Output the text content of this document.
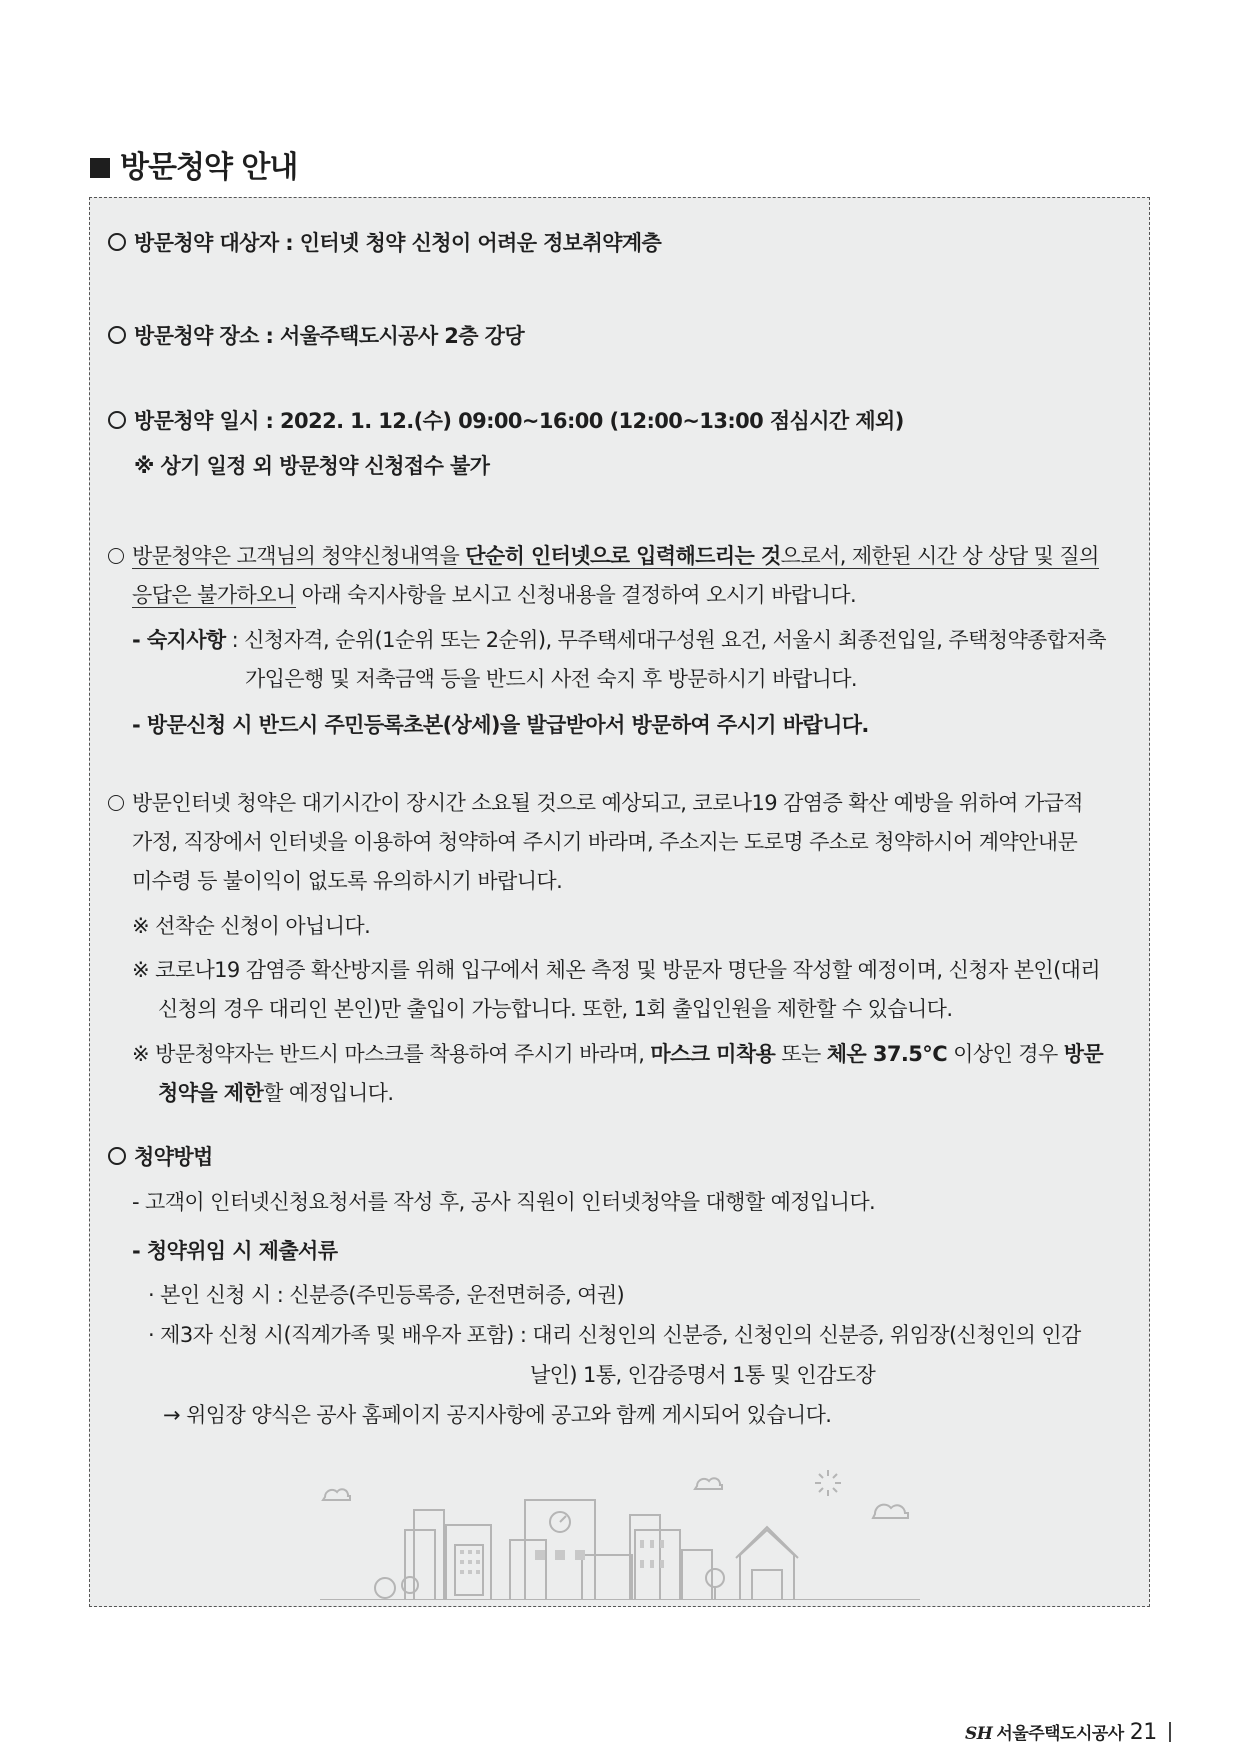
방문청약 안내
방문청약 대상자 : 인터넷 청약 신청이 어려운 정보취약계층
방문청약 장소 : 서울주택도시공사 2층 강당
방문청약 일시 : 2022. 1. 12.(수) 09:00~16:00 (12:00~13:00 점심시간 제외)
※ 상기 일정 외 방문청약 신청접수 불가
방문청약은 고객님의 청약신청내역을 단순히 인터넷으로 입력해드리는 것으로서, 제한된 시간 상 상담 및 질의
응답은 불가하오니 아래 숙지사항을 보시고 신청내용을 결정하여 오시기 바랍니다.
- 숙지사항 : 신청자격, 순위(1순위 또는 2순위), 무주택세대구성원 요건, 서울시 최종전입일, 주택청약종합저축
가입은행 및 저축금액 등을 반드시 사전 숙지 후 방문하시기 바랍니다.
- 방문신청 시 반드시 주민등록초본(상세)을 발급받아서 방문하여 주시기 바랍니다.
방문인터넷 청약은 대기시간이 장시간 소요될 것으로 예상되고, 코로나19 감염증 확산 예방을 위하여 가급적
가정, 직장에서 인터넷을 이용하여 청약하여 주시기 바라며, 주소지는 도로명 주소로 청약하시어 계약안내문
미수령 등 불이익이 없도록 유의하시기 바랍니다.
※ 선착순 신청이 아닙니다.
※ 코로나19 감염증 확산방지를 위해 입구에서 체온 측정 및 방문자 명단을 작성할 예정이며, 신청자 본인(대리
신청의 경우 대리인 본인)만 출입이 가능합니다. 또한, 1회 출입인원을 제한할 수 있습니다.
※ 방문청약자는 반드시 마스크를 착용하여 주시기 바라며, 마스크 미착용 또는 체온 37.5℃ 이상인 경우 방문
청약을 제한할 예정입니다.
청약방법
- 고객이 인터넷신청요청서를 작성 후, 공사 직원이 인터넷청약을 대행할 예정입니다.
- 청약위임 시 제출서류
· 본인 신청 시 : 신분증(주민등록증, 운전면허증, 여권)
· 제3자 신청 시(직계가족 및 배우자 포함) : 대리 신청인의 신분증, 신청인의 신분증, 위임장(신청인의 인감
날인) 1통, 인감증명서 1통 및 인감도장
→ 위임장 양식은 공사 홈페이지 공지사항에 공고와 함께 게시되어 있습니다.
SH 서울주택도시공사 21
